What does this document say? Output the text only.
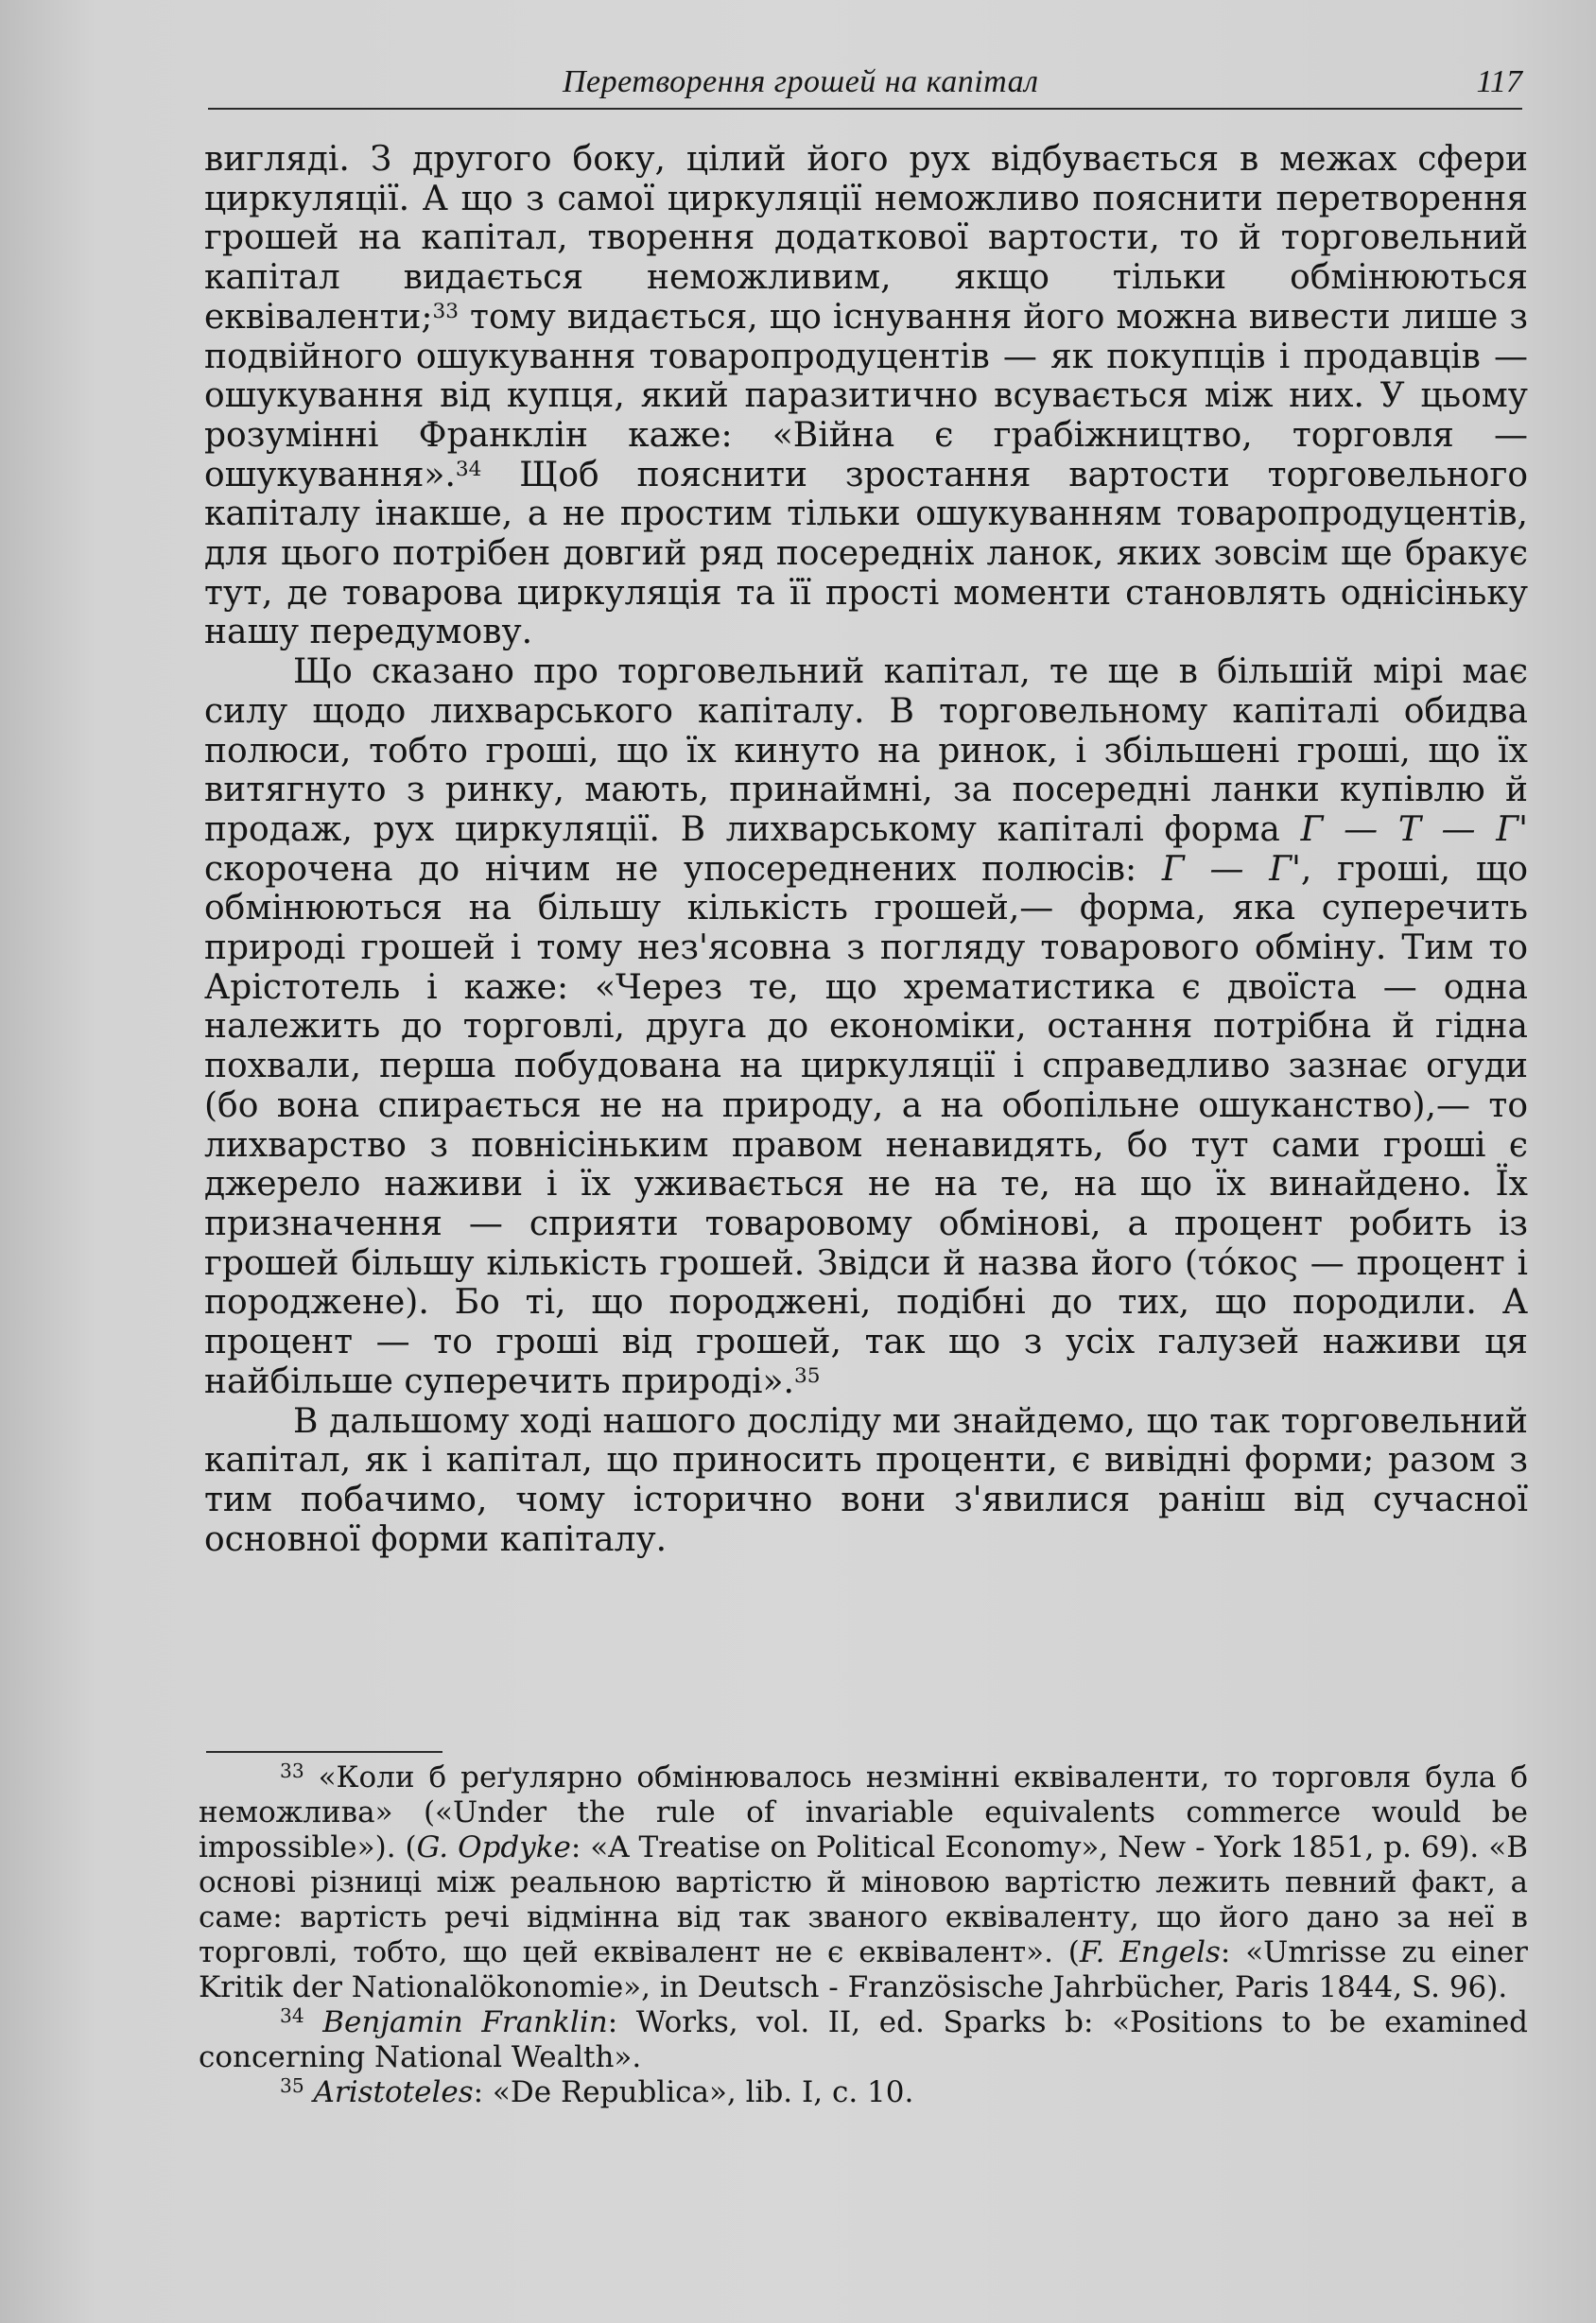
Перетворення грошей на капітал	117

вигляді. З другого боку, цілий його рух відбувається в межах сфери циркуляції. А що з самої циркуляції неможливо пояснити перетворення грошей на капітал, творення додаткової вартости, то й торговельний капітал видається неможливим, якщо тільки обмінюються еквіваленти;$^{33}$ тому видається, що існування його можна вивести лише з подвійного ошукування товаропродуцентів — як покупців і продавців — ошукування від купця, який паразитично всувається між них. У цьому розумінні Франклін каже: «Війна є грабіжництво, торговля — ошукування».$^{34}$ Щоб пояснити зростання вартости торговельного капіталу інакше, а не простим тільки ошукуванням товаропродуцентів, для цього потрібен довгий ряд посередніх ланок, яких зовсім ще бракує тут, де товарова циркуляція та її прості моменти становлять однісіньку нашу передумову.

Що сказано про торговельний капітал, те ще в більшій мірі має силу щодо лихварського капіталу. В торговельному капіталі обидва полюси, тобто гроші, що їх кинуто на ринок, і збільшені гроші, що їх витягнуто з ринку, мають, принаймні, за посередні ланки купівлю й продаж, рух циркуляції. В лихварському капіталі форма Г — Т — Г' скорочена до нічим не упосереднених полюсів: Г — Г', гроші, що обмінюються на більшу кількість грошей,— форма, яка суперечить природі грошей і тому нез'ясовна з погляду товарового обміну. Тим то Арістотель і каже: «Через те, що хрематистика є двоїста — одна належить до торговлі, друга до економіки, остання потрібна й гідна похвали, перша побудована на циркуляції і справедливо зазнає огуди (бо вона спирається не на природу, а на обопільне ошуканство),— то лихварство з повнісіньким правом ненавидять, бо тут сами гроші є джерело наживи і їх уживається не на те, на що їх винайдено. Їх призначення — сприяти товаровому обмінові, а процент робить із грошей більшу кількість грошей. Звідси й назва його (τόκος — процент і породжене). Бо ті, що породжені, подібні до тих, що породили. А процент — то гроші від грошей, так що з усіх галузей наживи ця найбільше суперечить природі».$^{35}$

В дальшому ході нашого досліду ми знайдемо, що так торговельний капітал, як і капітал, що приносить проценти, є вивідні форми; разом з тим побачимо, чому історично вони з'явилися раніш від сучасної основної форми капіталу.

$^{33}$ «Коли б реґулярно обмінювалось незмінні еквіваленти, то торговля була б неможлива» («Under the rule of invariable equivalents commerce would be impossible»). (G. Opdyke: «A Treatise on Political Economy», New - York 1851, p. 69). «В основі різниці між реальною вартістю й міновою вартістю лежить певний факт, а саме: вартість речі відмінна від так званого еквіваленту, що його дано за неї в торговлі, тобто, що цей еквівалент не є еквівалент». (F. Engels: «Umrisse zu einer Kritik der Nationalökonomie», in Deutsch - Französische Jahrbücher, Paris 1844, S. 96).

$^{34}$ Benjamin Franklin: Works, vol. II, ed. Sparks b: «Positions to be examined concerning National Wealth».

$^{35}$ Aristoteles: «De Republica», lib. I, c. 10.
